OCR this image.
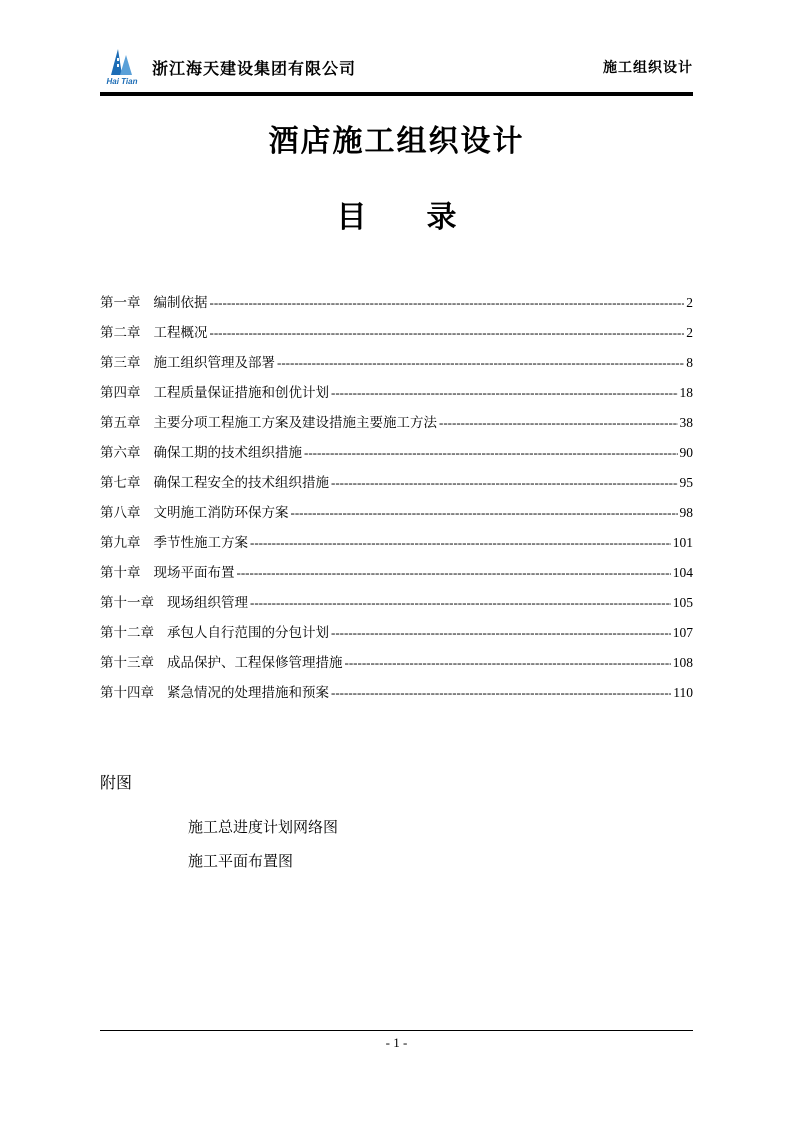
Hai Tian
浙江海天建设集团有限公司	施工组织设计
酒店施工组织设计
目　　录
第一章 编制依据 -----	2
第二章 工程概况 -----	2
第三章 施工组织管理及部署 -----	8
第四章 工程质量保证措施和创优计划 -----	18
第五章 主要分项工程施工方案及建设措施主要施工方法 -----	38
第六章 确保工期的技术组织措施 -----	90
第七章 确保工程安全的技术组织措施 -----	95
第八章 文明施工消防环保方案 -----	98
第九章 季节性施工方案 -----	101
第十章 现场平面布置 -----	104
第十一章 现场组织管理 -----	105
第十二章 承包人自行范围的分包计划 -----	107
第十三章 成品保护、工程保修管理措施 -----	108
第十四章 紧急情况的处理措施和预案 -----	110
附图
施工总进度计划网络图
施工平面布置图
- 1 -
